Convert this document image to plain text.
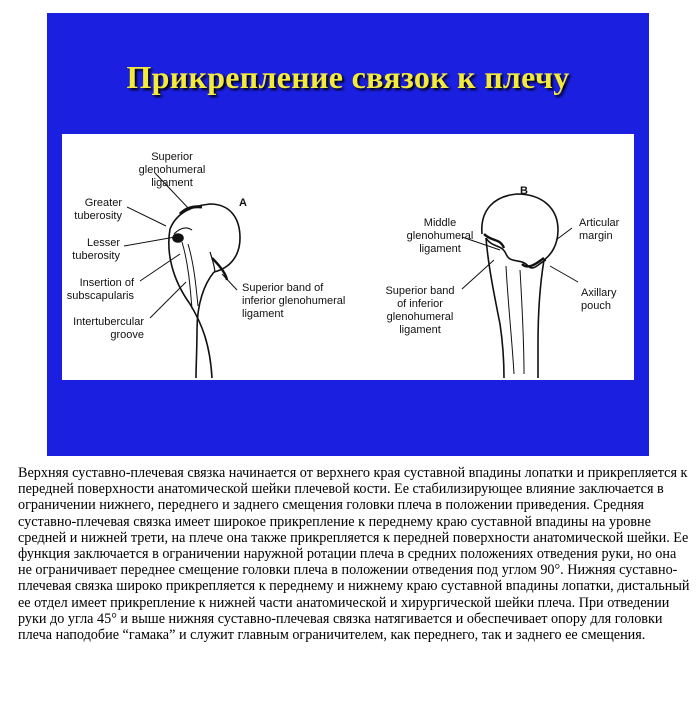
Прикрепление связок к плечу
Superior
glenohumeral
ligament
Greater
tuberosity
Lesser
tuberosity
Insertion of
subscapularis
Intertubercular
groove
A
Superior band of
inferior glenohumeral
ligament
B
Middle
glenohumeral
ligament
Articular
margin
Superior band
of inferior
glenohumeral
ligament
Axillary
pouch

Верхняя суставно-плечевая связка начинается от верхнего края суставной впадины лопатки и прикрепляется к передней поверхности анатомической шейки плечевой кости. Ее стабилизирующее влияние заключается в ограничении нижнего, переднего и заднего смещения головки плеча в положении приведения. Средняя суставно-плечевая связка имеет широкое прикрепление к переднему краю суставной впадины на уровне средней и нижней трети, на плече она также прикрепляется к передней поверхности анатомической шейки. Ее функция заключается в ограничении наружной ротации плеча в средних положениях отведения руки, но она не ограничивает переднее смещение головки плеча в положении отведения под углом 90°. Нижняя суставно-плечевая связка широко прикрепляется к переднему и нижнему краю суставной впадины лопатки, дистальный ее отдел имеет прикрепление к нижней части анатомической и хирургической шейки плеча. При отведении руки до угла 45° и выше нижняя суставно-плечевая связка натягивается и обеспечивает опору для головки плеча наподобие “гамака” и служит главным ограничителем, как переднего, так и заднего ее смещения.
